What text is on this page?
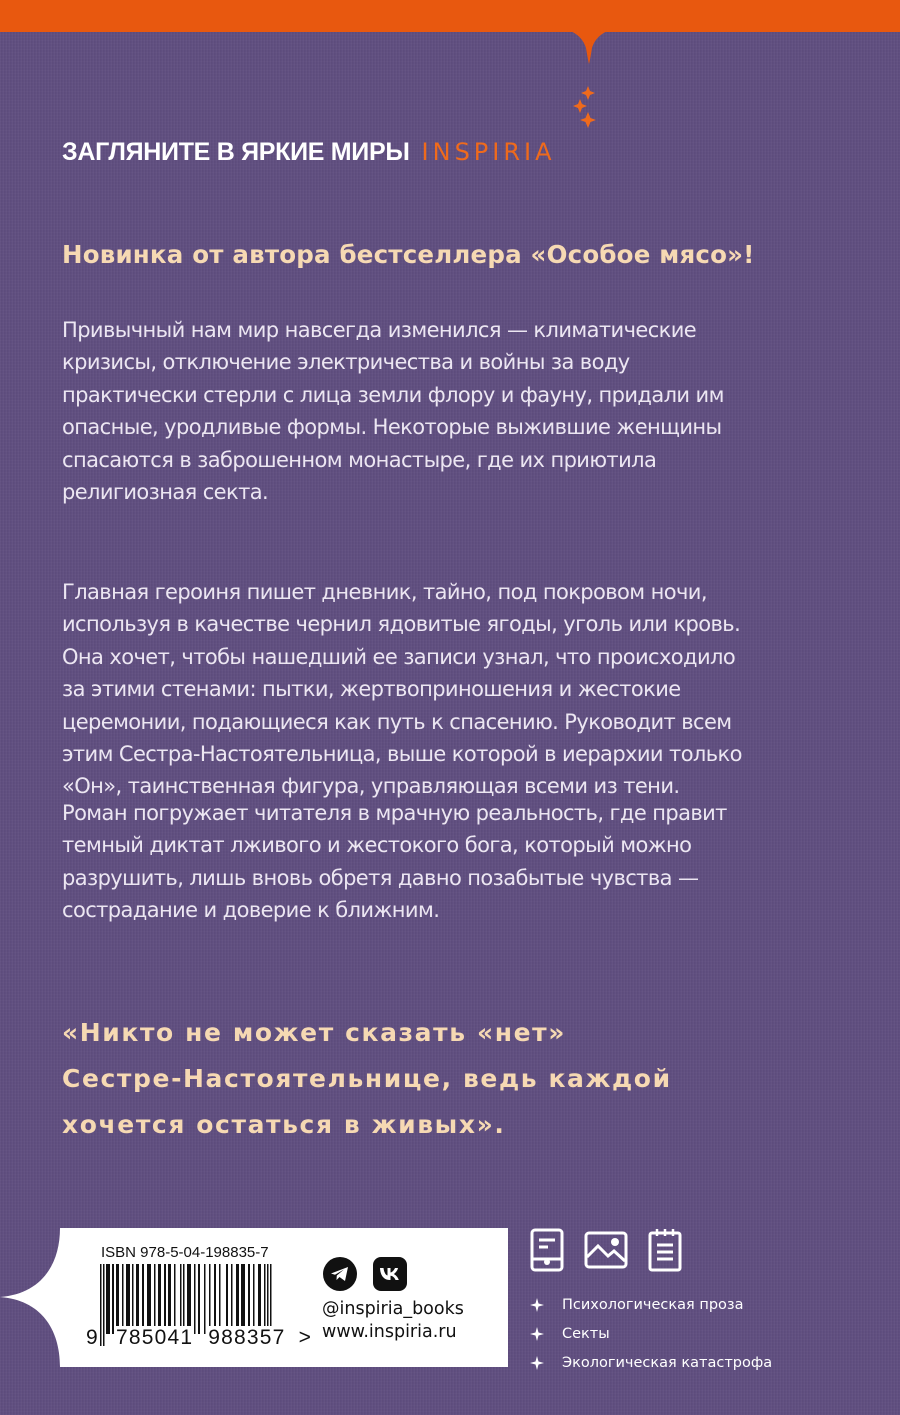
ЗАГЛЯНИТЕ В ЯРКИЕ МИРЫ INSPIRIA
Новинка от автора бестселлера «Особое мясо»!
Привычный нам мир навсегда изменился — климатические
кризисы, отключение электричества и войны за воду
практически стерли с лица земли флору и фауну, придали им
опасные, уродливые формы. Некоторые выжившие женщины
спасаются в заброшенном монастыре, где их приютила
религиозная секта.
Главная героиня пишет дневник, тайно, под покровом ночи,
используя в качестве чернил ядовитые ягоды, уголь или кровь.
Она хочет, чтобы нашедший ее записи узнал, что происходило
за этими стенами: пытки, жертвоприношения и жестокие
церемонии, подающиеся как путь к спасению. Руководит всем
этим Сестра-Настоятельница, выше которой в иерархии только
«Он», таинственная фигура, управляющая всеми из тени.
Роман погружает читателя в мрачную реальность, где правит
темный диктат лживого и жестокого бога, который можно
разрушить, лишь вновь обретя давно позабытые чувства —
сострадание и доверие к ближним.
«Никто не может сказать «нет»
Сестре-Настоятельнице, ведь каждой
хочется остаться в живых».
ISBN 978-5-04-198835-7
9 785041 988357 >
@inspiria_books
www.inspiria.ru
Психологическая проза
Секты
Экологическая катастрофа
